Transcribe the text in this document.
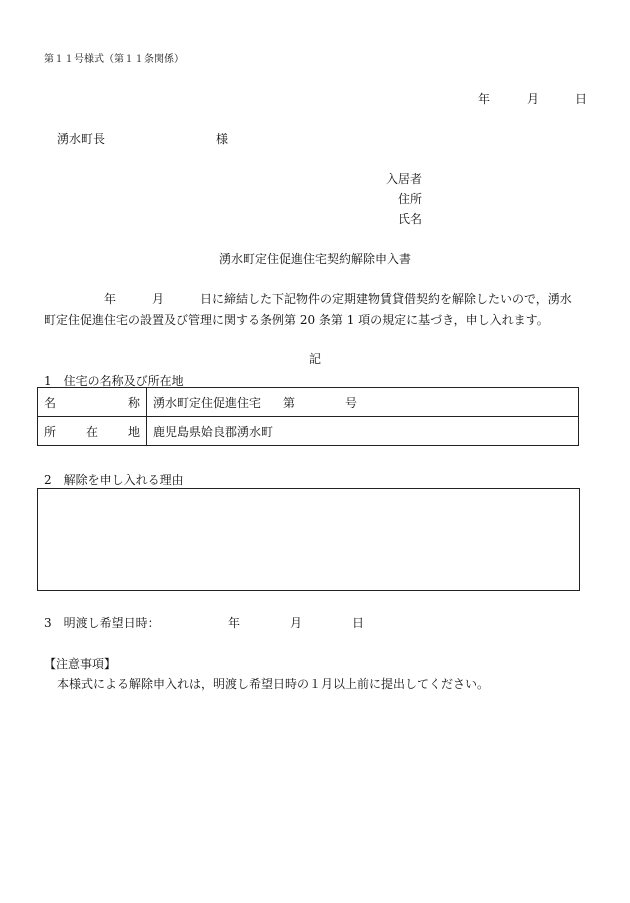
第１１号様式（第１１条関係）
年	月	日
湧水町長	様
入居者
住所
氏名
湧水町定住促進住宅契約解除申入書
年	月	日に締結した下記物件の定期建物賃貸借契約を解除したいので，湧水
町定住促進住宅の設置及び管理に関する条例第 20 条第 1 項の規定に基づき，申し入れます。
記
1　住宅の名称及び所在地
名 称	湧水町定住促進住宅 第 号

所 在 地	鹿児島県姶良郡湧水町
2　解除を申し入れる理由
3　明渡し希望日時：	年	月	日
【注意事項】
本様式による解除申入れは，明渡し希望日時の１月以上前に提出してください。
